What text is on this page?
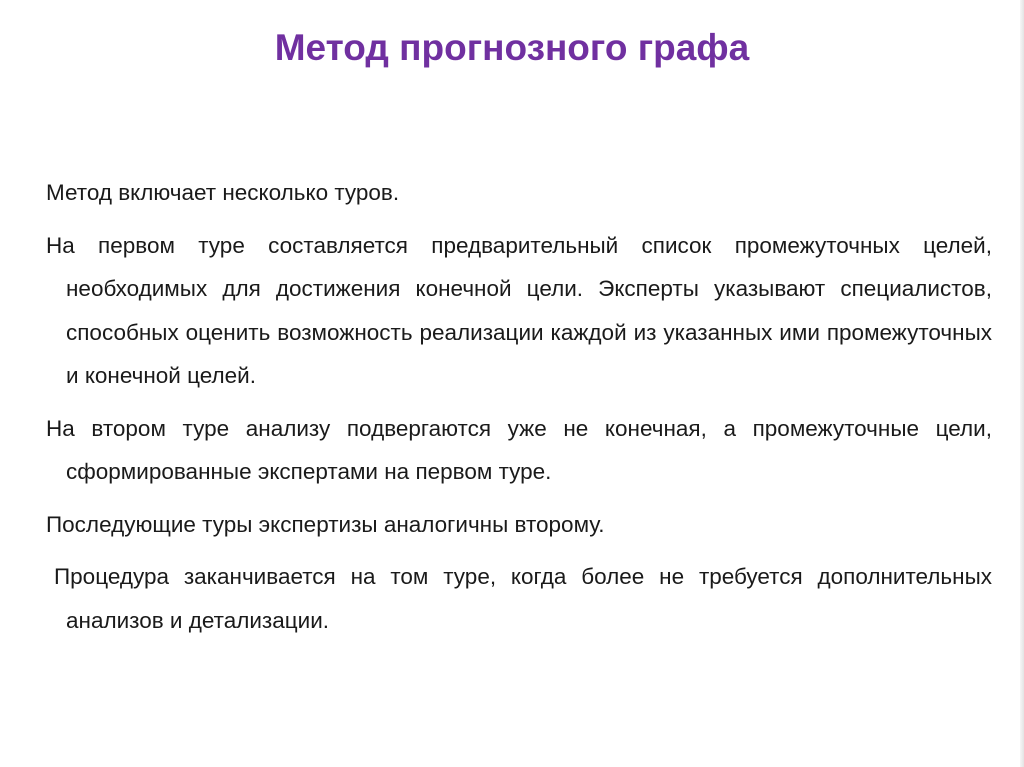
Метод прогнозного графа

Метод включает несколько туров.

На первом туре составляется предварительный список промежуточных целей, необходимых для достижения конечной цели. Эксперты указывают специалистов, способных оценить возможность реализации каждой из указанных ими промежуточных и конечной целей.

На втором туре анализу подвергаются уже не конечная, а промежуточные цели, сформированные экспертами на первом туре.

Последующие туры экспертизы аналогичны второму.

Процедура заканчивается на том туре, когда более не требуется дополнительных анализов и детализации.
